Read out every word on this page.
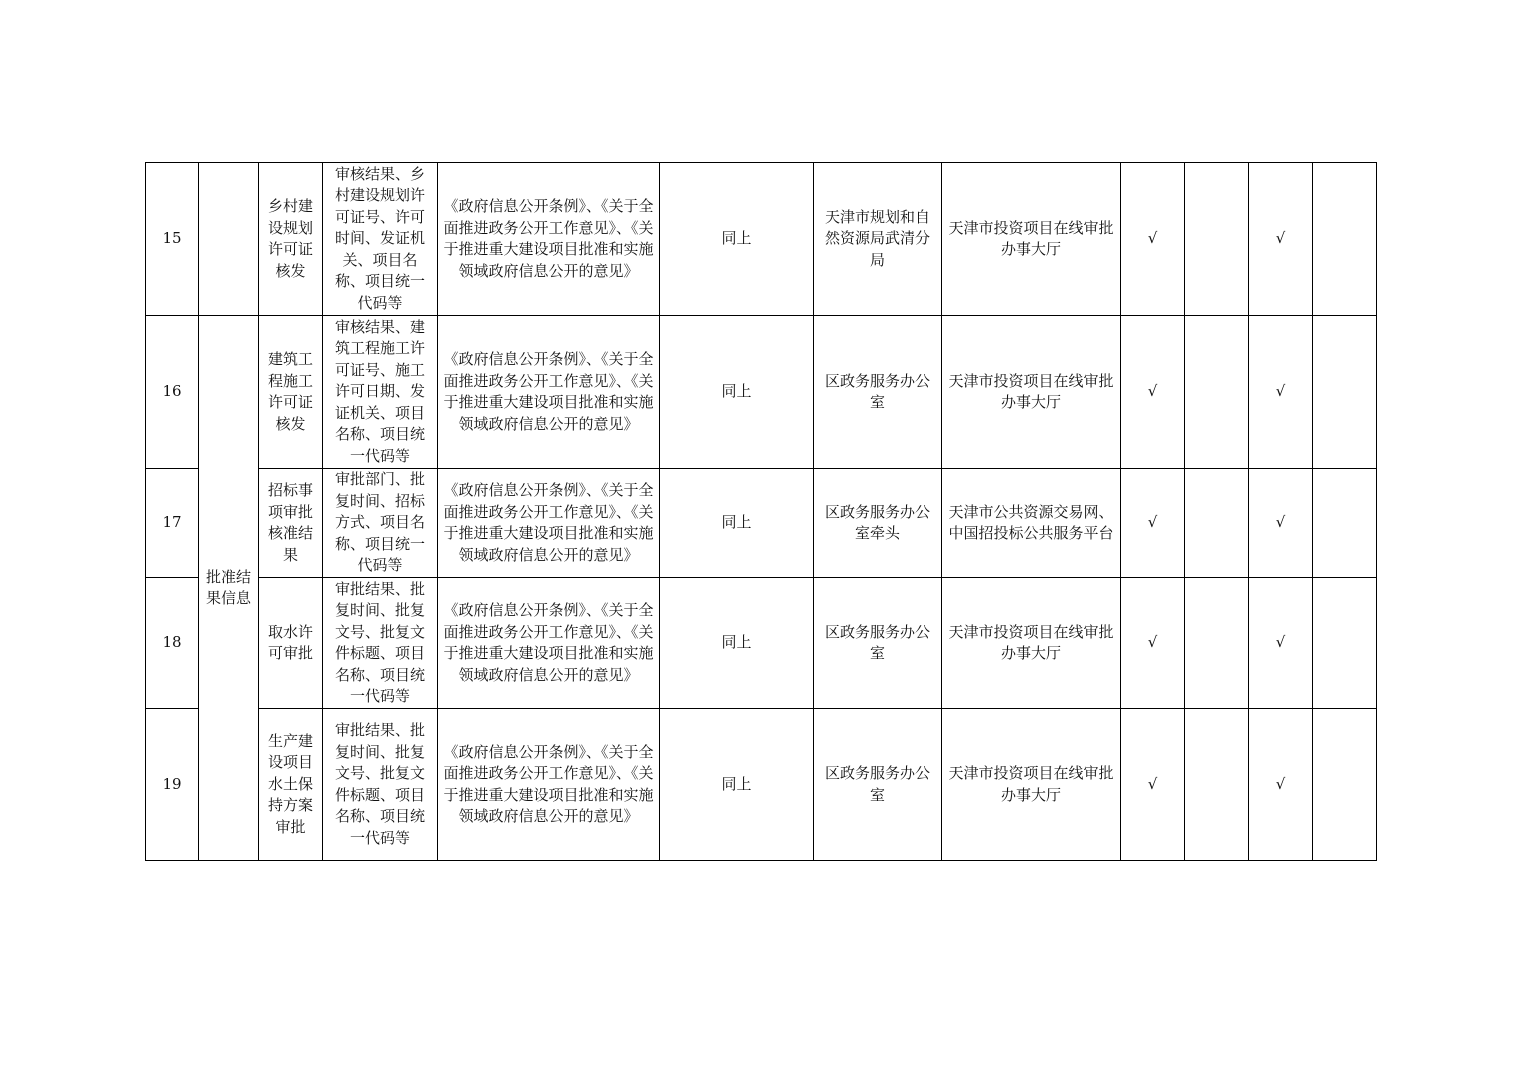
15		乡村建设规划许可证核发	审核结果、乡村建设规划许可证号、许可时间、发证机关、项目名称、项目统一代码等	《政府信息公开条例》、《关于全面推进政务公开工作意见》、《关于推进重大建设项目批准和实施领域政府信息公开的意见》	同上	天津市规划和自然资源局武清分局	天津市投资项目在线审批办事大厅	√		√	
16	批准结果信息	建筑工程施工许可证核发	审核结果、建筑工程施工许可证号、施工许可日期、发证机关、项目名称、项目统一代码等	《政府信息公开条例》、《关于全面推进政务公开工作意见》、《关于推进重大建设项目批准和实施领域政府信息公开的意见》	同上	区政务服务办公室	天津市投资项目在线审批办事大厅	√		√	
17		招标事项审批核准结果	审批部门、批复时间、招标方式、项目名称、项目统一代码等	《政府信息公开条例》、《关于全面推进政务公开工作意见》、《关于推进重大建设项目批准和实施领域政府信息公开的意见》	同上	区政务服务办公室牵头	天津市公共资源交易网、中国招投标公共服务平台	√		√	
18		取水许可审批	审批结果、批复时间、批复文号、批复文件标题、项目名称、项目统一代码等	《政府信息公开条例》、《关于全面推进政务公开工作意见》、《关于推进重大建设项目批准和实施领域政府信息公开的意见》	同上	区政务服务办公室	天津市投资项目在线审批办事大厅	√		√	
19		生产建设项目水土保持方案审批	审批结果、批复时间、批复文号、批复文件标题、项目名称、项目统一代码等	《政府信息公开条例》、《关于全面推进政务公开工作意见》、《关于推进重大建设项目批准和实施领域政府信息公开的意见》	同上	区政务服务办公室	天津市投资项目在线审批办事大厅	√		√	
